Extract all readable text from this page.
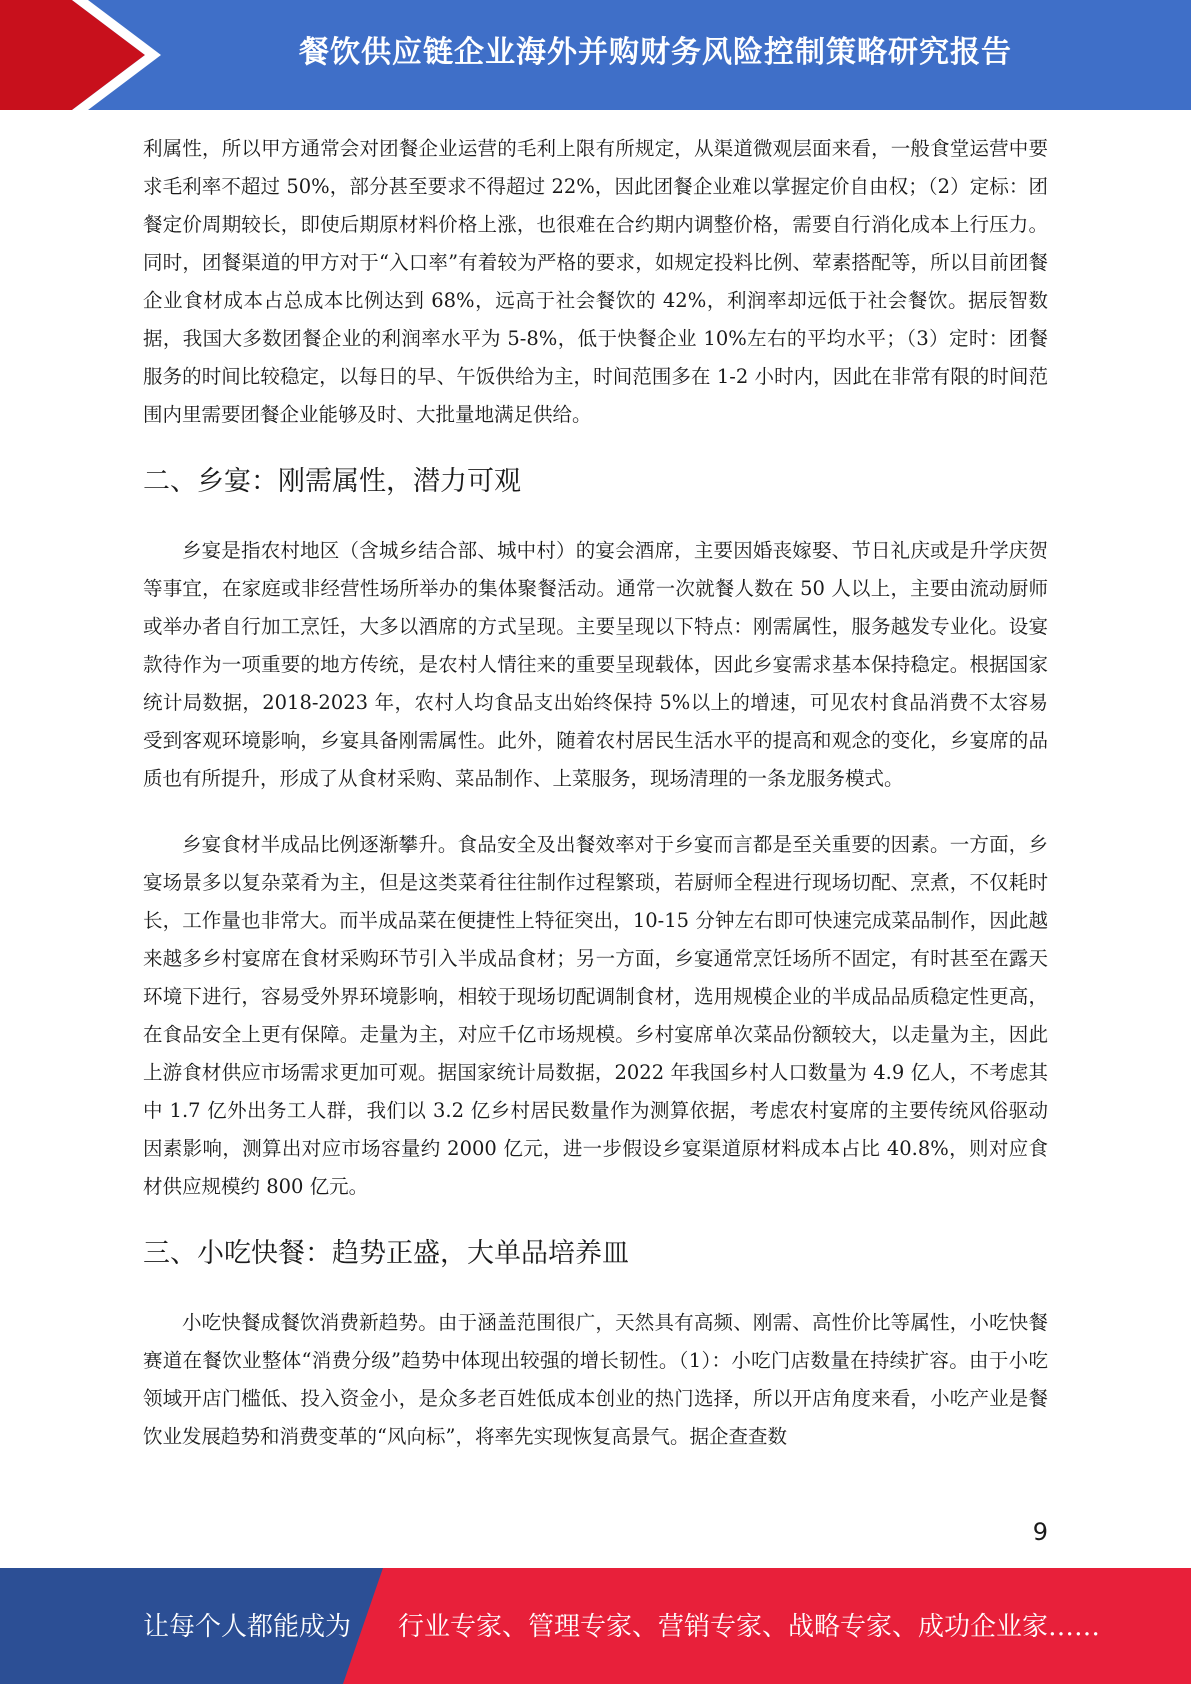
餐饮供应链企业海外并购财务风险控制策略研究报告

利属性，所以甲方通常会对团餐企业运营的毛利上限有所规定，从渠道微观层面来看，一般食堂运营中要求毛利率不超过 50%，部分甚至要求不得超过 22%，因此团餐企业难以掌握定价自由权；（2）定标：团餐定价周期较长，即使后期原材料价格上涨，也很难在合约期内调整价格，需要自行消化成本上行压力。同时，团餐渠道的甲方对于“入口率”有着较为严格的要求，如规定投料比例、荤素搭配等，所以目前团餐企业食材成本占总成本比例达到 68%，远高于社会餐饮的 42%，利润率却远低于社会餐饮。据辰智数据，我国大多数团餐企业的利润率水平为 5-8%，低于快餐企业 10%左右的平均水平；（3）定时：团餐服务的时间比较稳定，以每日的早、午饭供给为主，时间范围多在 1-2 小时内，因此在非常有限的时间范围内里需要团餐企业能够及时、大批量地满足供给。

二、乡宴：刚需属性，潜力可观

乡宴是指农村地区（含城乡结合部、城中村）的宴会酒席，主要因婚丧嫁娶、节日礼庆或是升学庆贺等事宜，在家庭或非经营性场所举办的集体聚餐活动。通常一次就餐人数在 50 人以上，主要由流动厨师或举办者自行加工烹饪，大多以酒席的方式呈现。主要呈现以下特点：刚需属性，服务越发专业化。设宴款待作为一项重要的地方传统，是农村人情往来的重要呈现载体，因此乡宴需求基本保持稳定。根据国家统计局数据，2018-2023 年，农村人均食品支出始终保持 5%以上的增速，可见农村食品消费不太容易受到客观环境影响，乡宴具备刚需属性。此外，随着农村居民生活水平的提高和观念的变化，乡宴席的品质也有所提升，形成了从食材采购、菜品制作、上菜服务，现场清理的一条龙服务模式。

乡宴食材半成品比例逐渐攀升。食品安全及出餐效率对于乡宴而言都是至关重要的因素。一方面，乡宴场景多以复杂菜肴为主，但是这类菜肴往往制作过程繁琐，若厨师全程进行现场切配、烹煮，不仅耗时长，工作量也非常大。而半成品菜在便捷性上特征突出，10-15 分钟左右即可快速完成菜品制作，因此越来越多乡村宴席在食材采购环节引入半成品食材；另一方面，乡宴通常烹饪场所不固定，有时甚至在露天环境下进行，容易受外界环境影响，相较于现场切配调制食材，选用规模企业的半成品品质稳定性更高，在食品安全上更有保障。走量为主，对应千亿市场规模。乡村宴席单次菜品份额较大，以走量为主，因此上游食材供应市场需求更加可观。据国家统计局数据，2022 年我国乡村人口数量为 4.9 亿人，不考虑其中 1.7 亿外出务工人群，我们以 3.2 亿乡村居民数量作为测算依据，考虑农村宴席的主要传统风俗驱动因素影响，测算出对应市场容量约 2000 亿元，进一步假设乡宴渠道原材料成本占比 40.8%，则对应食材供应规模约 800 亿元。

三、小吃快餐：趋势正盛，大单品培养皿

小吃快餐成餐饮消费新趋势。由于涵盖范围很广，天然具有高频、刚需、高性价比等属性，小吃快餐赛道在餐饮业整体“消费分级”趋势中体现出较强的增长韧性。（1）：小吃门店数量在持续扩容。由于小吃领域开店门槛低、投入资金小，是众多老百姓低成本创业的热门选择，所以开店角度来看，小吃产业是餐饮业发展趋势和消费变革的“风向标”，将率先实现恢复高景气。据企查查数

9
让每个人都能成为 行业专家、管理专家、营销专家、战略专家、成功企业家……
